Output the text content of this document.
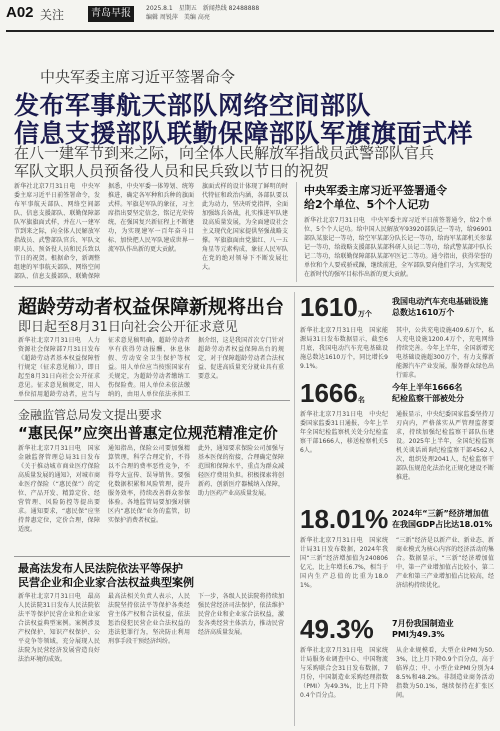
A02 关注	青岛早报	2025.8.1　星期五　新闻热线 82488888
编辑 周锐萍　美编 高亮
中央军委主席习近平签署命令
发布军事航天部队网络空间部队
信息支援部队联勤保障部队军旗旗面式样
在八一建军节到来之际，向全体人民解放军指战员武警部队官兵
军队文职人员预备役人员和民兵致以节日的祝贺
新华社北京7月31日电　中央军委主席习近平日前签署命令，发布军事航天部队、网络空间部队、信息支援部队、联勤保障部队军旗旗面式样，并在八一建军节到来之际，向全体人民解放军指战员、武警部队官兵、军队文职人员、预备役人员和民兵致以节日的祝贺。根据命令，新调整组建的军事航天部队、网络空间部队、信息支援部队、联勤保障
据悉，中央军委一体筹划、统筹推进，确定各军种和兵种的旗面式样。军旗是军队的象征，习主席指出要坚定信念，铭记光荣传统，在强国复兴新征程上不断建功，为实现建军一百年奋斗目标、加快把人民军队建成世界一流军队作出新的更大贡献。
旗面式样的设计体现了鲜明的时代特征和政治内涵，各部队要以此为动力，坚决听党指挥，全面加强练兵备战，扎实推进军队建设高质量发展，为全面建设社会主义现代化国家提供坚强战略支撑。军旗旗面由党旗红、八一五角星等元素构成，象征人民军队在党的绝对领导下不断发展壮大。
中央军委主席习近平签署通令
给2个单位、5个个人记功
新华社北京7月31日电　中央军委主席习近平日前签署通令，给2个单位、5个个人记功。给中国人民解放军93920部队记一等功，给96901部队某旅记一等功，给空军某部分队长记一等功，给海军某部机关参谋记一等功，给战略支援部队某部科研人员记二等功，给武警某部中队长记二等功，给联勤保障部队某部军医记二等功。通令指出，获得荣誉的单位和个人要戒骄戒躁，继续前进，全军部队要向他们学习，为实现党在新时代的强军目标作出新的更大贡献。
超龄劳动者权益保障新规将出台
即日起至8月31日向社会公开征求意见
新华社北京7月31日电　人力资源社会保障部7月31日发布《超龄劳动者基本权益保障暂行规定（征求意见稿）》，即日起至8月31日向社会公开征求意见。征求意见稿规定，用人单位招用超龄劳动者，应当与
征求意见稿明确，超龄劳动者享有获得劳动报酬、休息休假、劳动安全卫生保护等权益。用人单位应当按照国家有关规定，为超龄劳动者缴纳工伤保险费。用人单位未依法缴纳的，由用人单位依法承担工
据介绍，这是我国首次专门针对超龄劳动者权益保障出台的规定，对于保障超龄劳动者合法权益、促进高质量充分就业具有重要意义。
金融监管总局发文提出要求
“惠民保”应突出普惠定位规范精准定价
新华社北京7月31日电　国家金融监督管理总局31日发布《关于推动城市商业医疗保险高质量发展的通知》，对城市商业医疗保险（“惠民保”）的定位、产品开发、精算定价、经营管理、风险防控等提出要求。通知要求，“惠民保”应坚持普惠定位，定价合理，保障适度。
通知指出，保险公司要加强精算管理，科学合理定价，不得以不合理的费率恶性竞争，不得夸大宣传、误导销售。要强化数据积累和风险管理，提升服务效率，持续改善群众参保体验。各地监管局要加强对辖区内“惠民保”业务的监管，切实保护消费者权益。
此外，通知要求保险公司加强与基本医保的衔接，合理确定保障范围和保障水平，重点为群众减轻医疗费用负担。积极探索将创新药、创新医疗器械纳入保障，助力医药产业高质量发展。
最高法发布人民法院依法平等保护
民营企业和企业家合法权益典型案例
新华社北京7月31日电　最高人民法院31日发布人民法院依法平等保护民营企业和企业家合法权益典型案例。案例涉及产权保护、知识产权保护、公平竞争等领域，充分展现人民法院为民营经济发展营造良好法治环境的成效。
最高法相关负责人表示，人民法院坚持依法平等保护各类经营主体产权和合法权益，依法惩治侵犯民营企业合法权益的违法犯罪行为，坚决防止利用刑事手段干预经济纠纷。
下一步，各级人民法院将持续加强民营经济司法保护，依法维护民营企业和企业家合法权益，激发各类经营主体活力，推动民营经济高质量发展。
1610万个
我国电动汽车充电基础设施
总数达1610万个
新华社北京7月31日电　国家能源局31日发布数据显示，截至6月底，我国电动汽车充电基础设施总数达1610万个，同比增长99.1%。
其中，公共充电设施409.6万个，私人充电设施1200.4万个，充电网络持续完善。今年上半年，全国新增充电基础设施超300万个，有力支撑新能源汽车产业发展，服务群众绿色出行需求。
1666名
今年上半年1666名
纪检监察干部被处分
新华社北京7月31日电　中央纪委国家监委31日通报，今年上半年全国纪检监察机关处分纪检监察干部1666人，移送检察机关56人。
通报显示，中央纪委国家监委坚持刀刃向内，严格落实从严管理监督要求，持续加强纪检监察干部队伍建设。2025年上半年，全国纪检监察机关谈话函询纪检监察干部4562人次，组织处理2041人，纪检监察干部队伍规范化法治化正规化建设不断推进。
18.01% 2024年“三新”经济增加值
在我国GDP占比达18.01%
新华社北京7月31日电　国家统计局31日发布数据，2024年我国“三新”经济增加值为240806亿元，比上年增长6.7%，相当于国内生产总值的比重为18.01%。
“三新”经济是以新产业、新业态、新商业模式为核心内容的经济活动的集合。数据显示，“三新”经济增加值中，第一产业增加值占比较小，第二产业和第三产业增加值占比较高，经济结构持续优化。
49.3% 7月份我国制造业
PMI为49.3%
新华社北京7月31日电　国家统计局服务业调查中心、中国物流与采购联合会31日发布数据，7月份，中国制造业采购经理指数（PMI）为49.3%，比上月下降0.4个百分点。
从企业规模看，大型企业PMI为50.3%，比上月下降0.9个百分点，高于临界点；中、小型企业PMI分别为48.5%和48.2%。非制造业商务活动指数为50.1%，继续保持在扩张区间。
